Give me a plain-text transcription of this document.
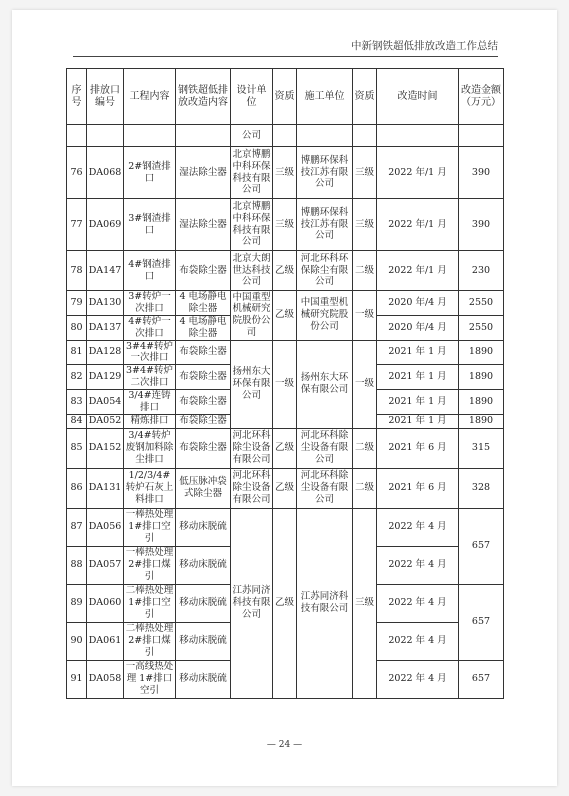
中新钢铁超低排放改造工作总结
序号	排放口编号	工程内容	钢铁超低排放改造内容	设计单位	资质	施工单位	资质	改造时间	改造金额（万元）
				公司					
76	DA068	2#钢渣排口	湿法除尘器	北京博鹏中科环保科技有限公司	三级	博鹏环保科技江苏有限公司	三级	2022 年/1 月	390
77	DA069	3#钢渣排口	湿法除尘器	北京博鹏中科环保科技有限公司	三级	博鹏环保科技江苏有限公司	三级	2022 年/1 月	390
78	DA147	4#钢渣排口	布袋除尘器	北京大朗世达科技公司	乙级	河北环科环保除尘有限公司	二级	2022 年/1 月	230
79	DA130	3#转炉一次排口	4 电场静电除尘器	中国重型机械研究院股份公司	乙级	中国重型机械研究院股份公司	一级	2020 年/4 月	2550
80	DA137	4#转炉一次排口	4 电场静电除尘器					2020 年/4 月	2550
81	DA128	3#4#转炉一次排口	布袋除尘器	扬州东大环保有限公司	一级	扬州东大环保有限公司	一级	2021 年 1 月	1890
82	DA129	3#4#转炉二次排口	布袋除尘器					2021 年 1 月	1890
83	DA054	3/4#连铸排口	布袋除尘器					2021 年 1 月	1890
84	DA052	精炼排口	布袋除尘器					2021 年 1 月	1890
85	DA152	3/4#转炉废钢加料除尘排口	布袋除尘器	河北环科除尘设备有限公司	乙级	河北环科除尘设备有限公司	二级	2021 年 6 月	315
86	DA131	1/2/3/4#转炉石灰上料排口	低压脉冲袋式除尘器	河北环科除尘设备有限公司	乙级	河北环科除尘设备有限公司	二级	2021 年 6 月	328
87	DA056	一棒热处理 1#排口空引	移动床脱硫	江苏同济科技有限公司	乙级	江苏同济科技有限公司	三级	2022 年 4 月	657
88	DA057	一棒热处理 2#排口煤引	移动床脱硫					2022 年 4 月	
89	DA060	二棒热处理 1#排口空引	移动床脱硫					2022 年 4 月	657
90	DA061	二棒热处理 2#排口煤引	移动床脱硫					2022 年 4 月	
91	DA058	一高线热处理 1#排口空引	移动床脱硫					2022 年 4 月	657
— 24 —
